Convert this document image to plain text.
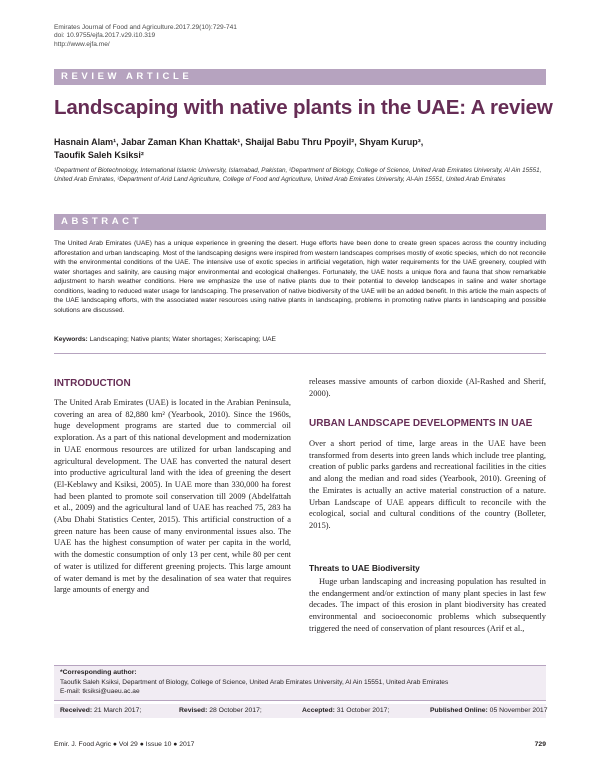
Emirates Journal of Food and Agriculture.2017.29(10):729-741
doi: 10.9755/ejfa.2017.v29.i10.319
http://www.ejfa.me/
REVIEW ARTICLE
Landscaping with native plants in the UAE: A review
Hasnain Alam¹, Jabar Zaman Khan Khattak¹, Shaijal Babu Thru Ppoyil², Shyam Kurup³,
Taoufik Saleh Ksiksi²
¹Department of Biotechnology, International Islamic University, Islamabad, Pakistan, ²Department of Biology, College of Science, United Arab Emirates University, Al Ain 15551, United Arab Emirates, ³Department of Arid Land Agriculture, College of Food and Agriculture, United Arab Emirates University, Al-Ain 15551, United Arab Emirates
ABSTRACT

The United Arab Emirates (UAE) has a unique experience in greening the desert. Huge efforts have been done to create green spaces across the country including afforestation and urban landscaping. Most of the landscaping designs were inspired from western landscapes comprises mostly of exotic species, which do not reconcile with the environmental conditions of the UAE. The intensive use of exotic species in artificial vegetation, high water requirements for the UAE greenery, coupled with water shortages and salinity, are causing major environmental and ecological challenges. Fortunately, the UAE hosts a unique flora and fauna that show remarkable adjustment to harsh weather conditions. Here we emphasize the use of native plants due to their potential to develop landscapes in saline and water shortage conditions, leading to reduced water usage for landscaping. The preservation of native biodiversity of the UAE will be an added benefit. In this article the main aspects of the UAE landscaping efforts, with the associated water resources using native plants in landscaping, problems in promoting native plants in landscaping and possible solutions are discussed.

Keywords: Landscaping; Native plants; Water shortages; Xeriscaping; UAE
INTRODUCTION

The United Arab Emirates (UAE) is located in the Arabian Peninsula, covering an area of 82,880 km² (Yearbook, 2010). Since the 1960s, huge development programs are started due to commercial oil exploration. As a part of this national development and modernization in UAE enormous resources are utilized for urban landscaping and agricultural development. The UAE has converted the natural desert into productive agricultural land with the idea of greening the desert (El-Keblawy and Ksiksi, 2005). In UAE more than 330,000 ha forest had been planted to promote soil conservation till 2009 (Abdelfattah et al., 2009) and the agricultural land of UAE has reached 75, 283 ha (Abu Dhabi Statistics Center, 2015). This artificial construction of a green nature has been cause of many environmental issues also. The UAE has the highest consumption of water per capita in the world, with the domestic consumption of only 13 per cent, while 80 per cent of water is utilized for different greening projects. This large amount of water demand is met by the desalination of sea water that requires large amounts of energy and

releases massive amounts of carbon dioxide (Al-Rashed and Sherif, 2000).

URBAN LANDSCAPE DEVELOPMENTS IN UAE

Over a short period of time, large areas in the UAE have been transformed from deserts into green lands which include tree planting, creation of public parks gardens and recreational facilities in the cities and along the median and road sides (Yearbook, 2010). Greening of the Emirates is actually an active material construction of a nature. Urban Landscape of UAE appears difficult to reconcile with the ecological, social and cultural conditions of the country (Bolleter, 2015).

Threats to UAE Biodiversity

Huge urban landscaping and increasing population has resulted in the endangerment and/or extinction of many plant species in last few decades. The impact of this erosion in plant biodiversity has created environmental and socioeconomic problems which subsequently triggered the need of conservation of plant resources (Arif et al.,

*Corresponding author:
Taoufik Saleh Ksiksi, Department of Biology, College of Science, United Arab Emirates University, Al Ain 15551, United Arab Emirates
E-mail: tksiksi@uaeu.ac.ae
Received: 21 March 2017;	Revised: 28 October 2017;	Accepted: 31 October 2017;	Published Online: 05 November 2017
Emir. J. Food Agric ● Vol 29 ● Issue 10 ● 2017	729
